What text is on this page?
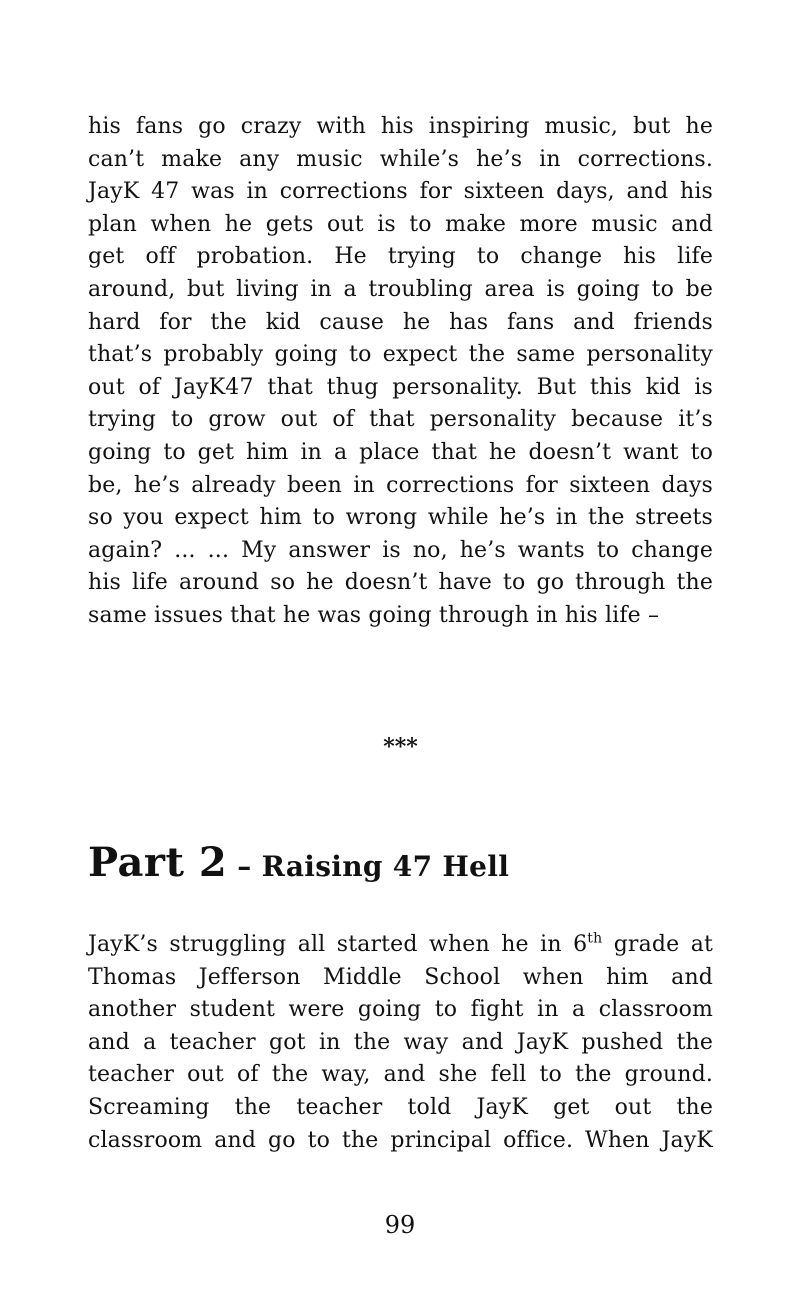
his fans go crazy with his inspiring music, but he
can’t make any music while’s he’s in corrections.
JayK 47 was in corrections for sixteen days, and his
plan when he gets out is to make more music and
get off probation. He trying to change his life
around, but living in a troubling area is going to be
hard for the kid cause he has fans and friends
that’s probably going to expect the same personality
out of JayK47 that thug personality. But this kid is
trying to grow out of that personality because it’s
going to get him in a place that he doesn’t want to
be, he’s already been in corrections for sixteen days
so you expect him to wrong while he’s in the streets
again? ... ... My answer is no, he’s wants to change
his life around so he doesn’t have to go through the
same issues that he was going through in his life –
***
Part 2 – Raising 47 Hell
JayK’s struggling all started when he in 6th grade at
Thomas Jefferson Middle School when him and
another student were going to fight in a classroom
and a teacher got in the way and JayK pushed the
teacher out of the way, and she fell to the ground.
Screaming the teacher told JayK get out the
classroom and go to the principal office. When JayK
99
